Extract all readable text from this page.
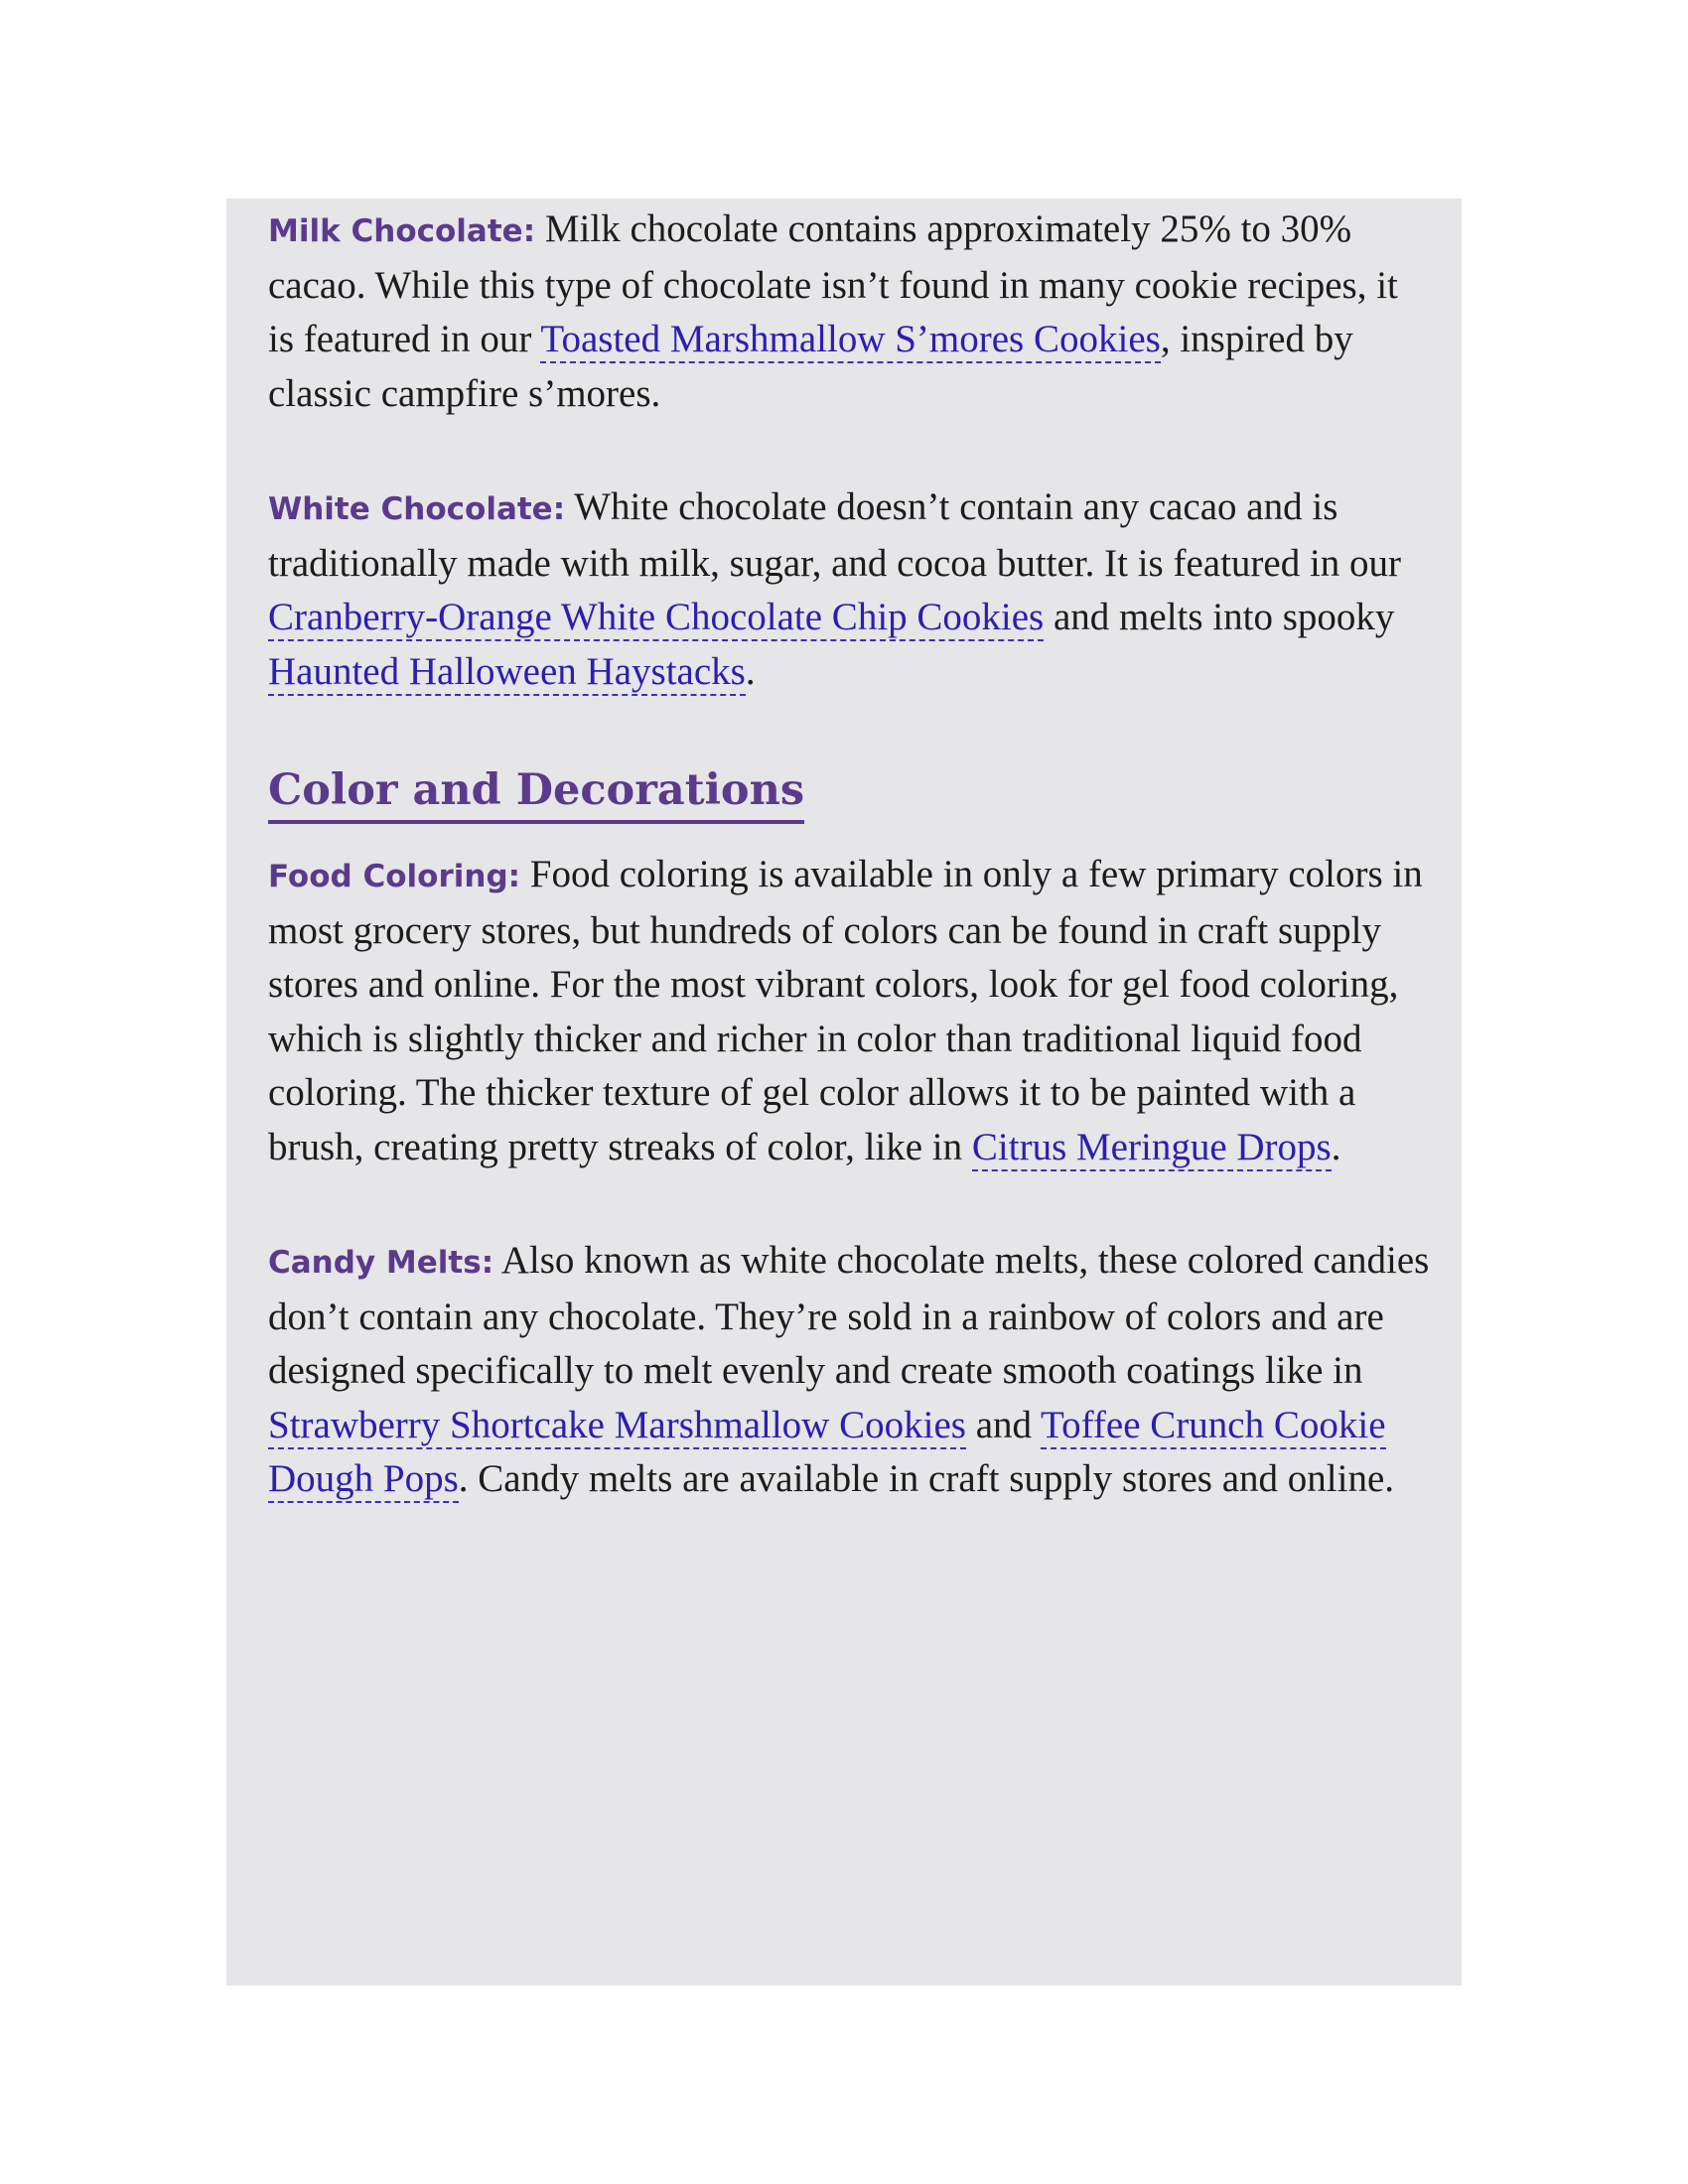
Milk Chocolate: Milk chocolate contains approximately 25% to 30% cacao. While this type of chocolate isn’t found in many cookie recipes, it is featured in our Toasted Marshmallow S’mores Cookies, inspired by classic campfire s’mores.

White Chocolate: White chocolate doesn’t contain any cacao and is traditionally made with milk, sugar, and cocoa butter. It is featured in our Cranberry-Orange White Chocolate Chip Cookies and melts into spooky Haunted Halloween Haystacks.

Color and Decorations

Food Coloring: Food coloring is available in only a few primary colors in most grocery stores, but hundreds of colors can be found in craft supply stores and online. For the most vibrant colors, look for gel food coloring, which is slightly thicker and richer in color than traditional liquid food coloring. The thicker texture of gel color allows it to be painted with a brush, creating pretty streaks of color, like in Citrus Meringue Drops.

Candy Melts: Also known as white chocolate melts, these colored candies don’t contain any chocolate. They’re sold in a rainbow of colors and are designed specifically to melt evenly and create smooth coatings like in Strawberry Shortcake Marshmallow Cookies and Toffee Crunch Cookie Dough Pops. Candy melts are available in craft supply stores and online.
